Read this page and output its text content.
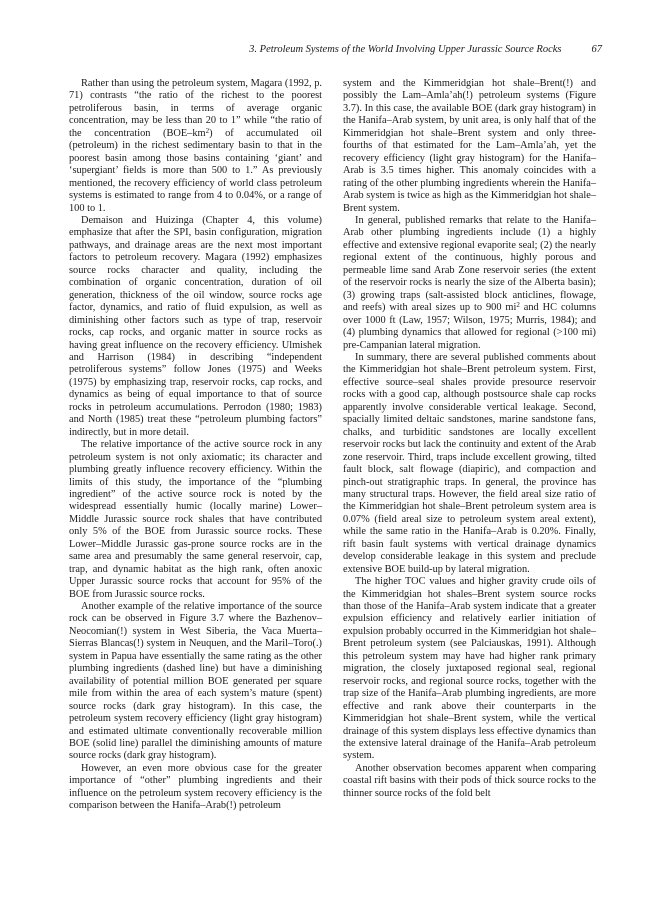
3. Petroleum Systems of the World Involving Upper Jurassic Source Rocks	67

Rather than using the petroleum system, Magara (1992, p. 71) contrasts “the ratio of the richest to the poorest petroliferous basin, in terms of average organic concentration, may be less than 20 to 1” while “the ratio of the concentration $(BOE-km^2)$ of accumulated oil (petroleum) in the richest sedimentary basin to that in the poorest basin among those basins containing ‘giant’ and ‘supergiant’ fields is more than 500 to 1.” As previously mentioned, the recovery efficiency of world class petroleum systems is estimated to range from 4 to 0.04%, or a range of 100 to 1.

Demaison and Huizinga (Chapter 4, this volume) emphasize that after the SPI, basin configuration, migration pathways, and drainage areas are the next most important factors to petroleum recovery. Magara (1992) emphasizes source rocks character and quality, including the combination of organic concentration, duration of oil generation, thickness of the oil window, source rocks age factor, dynamics, and ratio of fluid expulsion, as well as diminishing other factors such as type of trap, reservoir rocks, cap rocks, and organic matter in source rocks as having great influence on the recovery efficiency. Ulmishek and Harrison (1984) in describing “independent petroliferous systems” follow Jones (1975) and Weeks (1975) by emphasizing trap, reservoir rocks, cap rocks, and dynamics as being of equal importance to that of source rocks in petroleum accumulations. Perrodon (1980; 1983) and North (1985) treat these “petroleum plumbing factors” indirectly, but in more detail.

The relative importance of the active source rock in any petroleum system is not only axiomatic; its character and plumbing greatly influence recovery efficiency. Within the limits of this study, the importance of the “plumbing ingredient” of the active source rock is noted by the widespread essentially humic (locally marine) Lower–Middle Jurassic source rock shales that have contributed only 5% of the BOE from Jurassic source rocks. These Lower–Middle Jurassic gas-prone source rocks are in the same area and presumably the same general reservoir, cap, trap, and dynamic habitat as the high rank, often anoxic Upper Jurassic source rocks that account for 95% of the BOE from Jurassic source rocks.

Another example of the relative importance of the source rock can be observed in Figure 3.7 where the Bazhenov–Neocomian(!) system in West Siberia, the Vaca Muerta–Sierras Blancas(!) system in Neuquen, and the Maril–Toro(.) system in Papua have essentially the same rating as the other plumbing ingredients (dashed line) but have a diminishing availability of potential million BOE generated per square mile from within the area of each system’s mature (spent) source rocks (dark gray histogram). In this case, the petroleum system recovery efficiency (light gray histogram) and estimated ultimate conventionally recoverable million BOE (solid line) parallel the diminishing amounts of mature source rocks (dark gray histogram).

However, an even more obvious case for the greater importance of “other” plumbing ingredients and their influence on the petroleum system recovery efficiency is the comparison between the Hanifa–Arab(!) petroleum

system and the Kimmeridgian hot shale–Brent(!) and possibly the Lam–Amla’ah(!) petroleum systems (Figure 3.7). In this case, the available BOE (dark gray histogram) in the Hanifa–Arab system, by unit area, is only half that of the Kimmeridgian hot shale–Brent system and only three-fourths of that estimated for the Lam–Amla’ah, yet the recovery efficiency (light gray histogram) for the Hanifa–Arab is 3.5 times higher. This anomaly coincides with a rating of the other plumbing ingredients wherein the Hanifa–Arab system is twice as high as the Kimmeridgian hot shale–Brent system.

In general, published remarks that relate to the Hanifa–Arab other plumbing ingredients include (1) a highly effective and extensive regional evaporite seal; (2) the nearly regional extent of the continuous, highly porous and permeable lime sand Arab Zone reservoir series (the extent of the reservoir rocks is nearly the size of the Alberta basin); (3) growing traps (salt-assisted block anticlines, flowage, and reefs) with areal sizes up to 900 $mi^2$ and HC columns over 1000 ft (Law, 1957; Wilson, 1975; Murris, 1984); and (4) plumbing dynamics that allowed for regional (>100 mi) pre-Campanian lateral migration.

In summary, there are several published comments about the Kimmeridgian hot shale–Brent petroleum system. First, effective source–seal shales provide presource reservoir rocks with a good cap, although postsource shale cap rocks apparently involve considerable vertical leakage. Second, spacially limited deltaic sandstones, marine sandstone fans, chalks, and turbiditic sandstones are locally excellent reservoir rocks but lack the continuity and extent of the Arab zone reservoir. Third, traps include excellent growing, tilted fault block, salt flowage (diapiric), and compaction and pinch-out stratigraphic traps. In general, the province has many structural traps. However, the field areal size ratio of the Kimmeridgian hot shale–Brent petroleum system area is 0.07% (field areal size to petroleum system areal extent), while the same ratio in the Hanifa–Arab is 0.20%. Finally, rift basin fault systems with vertical drainage dynamics develop considerable leakage in this system and preclude extensive BOE build-up by lateral migration.

The higher TOC values and higher gravity crude oils of the Kimmeridgian hot shales–Brent system source rocks than those of the Hanifa–Arab system indicate that a greater expulsion efficiency and relatively earlier initiation of expulsion probably occurred in the Kimmeridgian hot shale–Brent petroleum system (see Palciauskas, 1991). Although this petroleum system may have had higher rank primary migration, the closely juxtaposed regional seal, regional reservoir rocks, and regional source rocks, together with the trap size of the Hanifa–Arab plumbing ingredients, are more effective and rank above their counterparts in the Kimmeridgian hot shale–Brent system, while the vertical drainage of this system displays less effective dynamics than the extensive lateral drainage of the Hanifa–Arab petroleum system.

Another observation becomes apparent when comparing coastal rift basins with their pods of thick source rocks to the thinner source rocks of the fold belt
